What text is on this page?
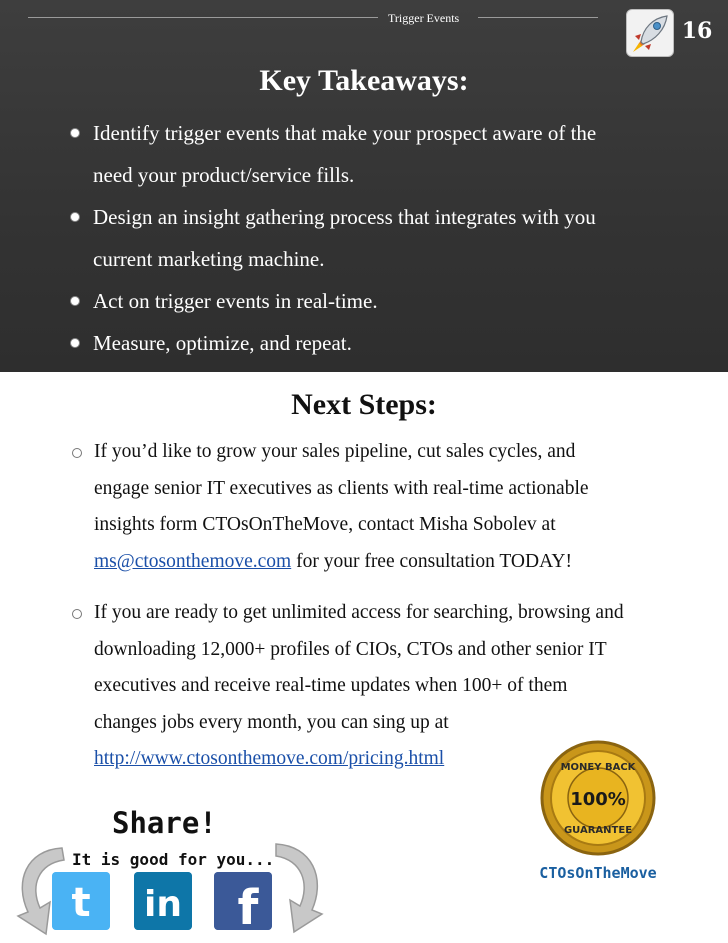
Trigger Events	16
Key Takeaways:
Identify trigger events that make your prospect aware of the
need your product/service fills.
Design an insight gathering process that integrates with you
current marketing machine.
Act on trigger events in real-time.
Measure, optimize, and repeat.
Next Steps:
If you’d like to grow your sales pipeline, cut sales cycles, and
engage senior IT executives as clients with real-time actionable
insights form CTOsOnTheMove, contact Misha Sobolev at
ms@ctosonthemove.com for your free consultation TODAY!
If you are ready to get unlimited access for searching, browsing and
downloading 12,000+ profiles of CIOs, CTOs and other senior IT
executives and receive real-time updates when 100+ of them
changes jobs every month, you can sing up at
http://www.ctosonthemove.com/pricing.html	MONEY BACK
100%
GUARANTEE
CTOsOnTheMove
Share!
It is good for you...
t in f
